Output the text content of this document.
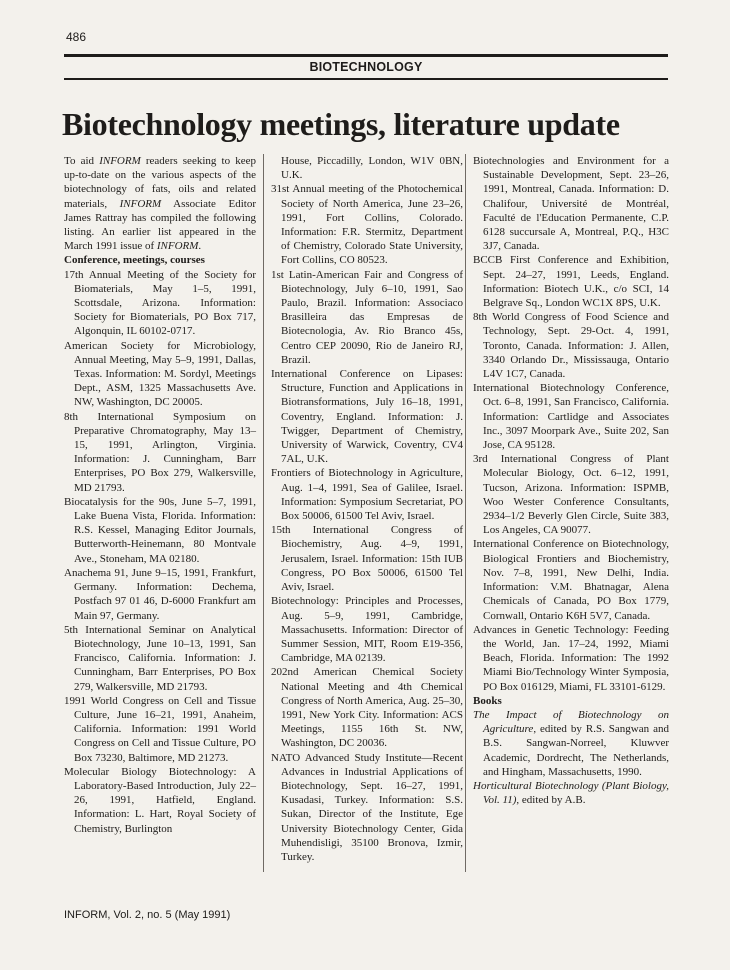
486
BIOTECHNOLOGY
Biotechnology meetings, literature update

To aid INFORM readers seeking to keep up-to-date on the various aspects of the biotechnology of fats, oils and related materials, INFORM Associate Editor James Rattray has compiled the following listing. An earlier list appeared in the March 1991 issue of INFORM.

Conference, meetings, courses

17th Annual Meeting of the Society for Biomaterials, May 1–5, 1991, Scottsdale, Arizona. Information: Society for Biomaterials, PO Box 717, Algonquin, IL 60102-0717.

American Society for Microbiology, Annual Meeting, May 5–9, 1991, Dallas, Texas. Information: M. Sordyl, Meetings Dept., ASM, 1325 Massachusetts Ave. NW, Washington, DC 20005.

8th International Symposium on Preparative Chromatography, May 13–15, 1991, Arlington, Virginia. Information: J. Cunningham, Barr Enterprises, PO Box 279, Walkersville, MD 21793.

Biocatalysis for the 90s, June 5–7, 1991, Lake Buena Vista, Florida. Information: R.S. Kessel, Managing Editor Journals, Butterworth-Heinemann, 80 Montvale Ave., Stoneham, MA 02180.

Anachema 91, June 9–15, 1991, Frankfurt, Germany. Information: Dechema, Postfach 97 01 46, D-6000 Frankfurt am Main 97, Germany.

5th International Seminar on Analytical Biotechnology, June 10–13, 1991, San Francisco, California. Information: J. Cunningham, Barr Enterprises, PO Box 279, Walkersville, MD 21793.

1991 World Congress on Cell and Tissue Culture, June 16–21, 1991, Anaheim, California. Information: 1991 World Congress on Cell and Tissue Culture, PO Box 73230, Baltimore, MD 21273.

Molecular Biology Biotechnology: A Laboratory-Based Introduction, July 22–26, 1991, Hatfield, England. Information: L. Hart, Royal Society of Chemistry, Burlington

House, Piccadilly, London, W1V 0BN, U.K.

31st Annual meeting of the Photochemical Society of North America, June 23–26, 1991, Fort Collins, Colorado. Information: F.R. Stermitz, Department of Chemistry, Colorado State University, Fort Collins, CO 80523.

1st Latin-American Fair and Congress of Biotechnology, July 6–10, 1991, Sao Paulo, Brazil. Information: Associaco Brasilleira das Empresas de Biotecnologia, Av. Rio Branco 45s, Centro CEP 20090, Rio de Janeiro RJ, Brazil.

International Conference on Lipases: Structure, Function and Applications in Biotransformations, July 16–18, 1991, Coventry, England. Information: J. Twigger, Department of Chemistry, University of Warwick, Coventry, CV4 7AL, U.K.

Frontiers of Biotechnology in Agriculture, Aug. 1–4, 1991, Sea of Galilee, Israel. Information: Symposium Secretariat, PO Box 50006, 61500 Tel Aviv, Israel.

15th International Congress of Biochemistry, Aug. 4–9, 1991, Jerusalem, Israel. Information: 15th IUB Congress, PO Box 50006, 61500 Tel Aviv, Israel.

Biotechnology: Principles and Processes, Aug. 5–9, 1991, Cambridge, Massachusetts. Information: Director of Summer Session, MIT, Room E19-356, Cambridge, MA 02139.

202nd American Chemical Society National Meeting and 4th Chemical Congress of North America, Aug. 25–30, 1991, New York City. Information: ACS Meetings, 1155 16th St. NW, Washington, DC 20036.

NATO Advanced Study Institute—Recent Advances in Industrial Applications of Biotechnology, Sept. 16–27, 1991, Kusadasi, Turkey. Information: S.S. Sukan, Director of the Institute, Ege University Biotechnology Center, Gida Muhendisligi, 35100 Bronova, Izmir, Turkey.

Biotechnologies and Environment for a Sustainable Development, Sept. 23–26, 1991, Montreal, Canada. Information: D. Chalifour, Université de Montréal, Faculté de l'Education Permanente, C.P. 6128 succursale A, Montreal, P.Q., H3C 3J7, Canada.

BCCB First Conference and Exhibition, Sept. 24–27, 1991, Leeds, England. Information: Biotech U.K., c/o SCI, 14 Belgrave Sq., London WC1X 8PS, U.K.

8th World Congress of Food Science and Technology, Sept. 29-Oct. 4, 1991, Toronto, Canada. Information: J. Allen, 3340 Orlando Dr., Mississauga, Ontario L4V 1C7, Canada.

International Biotechnology Conference, Oct. 6–8, 1991, San Francisco, California. Information: Cartlidge and Associates Inc., 3097 Moorpark Ave., Suite 202, San Jose, CA 95128.

3rd International Congress of Plant Molecular Biology, Oct. 6–12, 1991, Tucson, Arizona. Information: ISPMB, Woo Wester Conference Consultants, 2934–1/2 Beverly Glen Circle, Suite 383, Los Angeles, CA 90077.

International Conference on Biotechnology, Biological Frontiers and Biochemistry, Nov. 7–8, 1991, New Delhi, India. Information: V.M. Bhatnagar, Alena Chemicals of Canada, PO Box 1779, Cornwall, Ontario K6H 5V7, Canada.

Advances in Genetic Technology: Feeding the World, Jan. 17–24, 1992, Miami Beach, Florida. Information: The 1992 Miami Bio/Technology Winter Symposia, PO Box 016129, Miami, FL 33101-6129.

Books

The Impact of Biotechnology on Agriculture, edited by R.S. Sangwan and B.S. Sangwan-Norreel, Kluwver Academic, Dordrecht, The Netherlands, and Hingham, Massachusetts, 1990.

Horticultural Biotechnology (Plant Biology, Vol. 11), edited by A.B.

INFORM, Vol. 2, no. 5 (May 1991)
